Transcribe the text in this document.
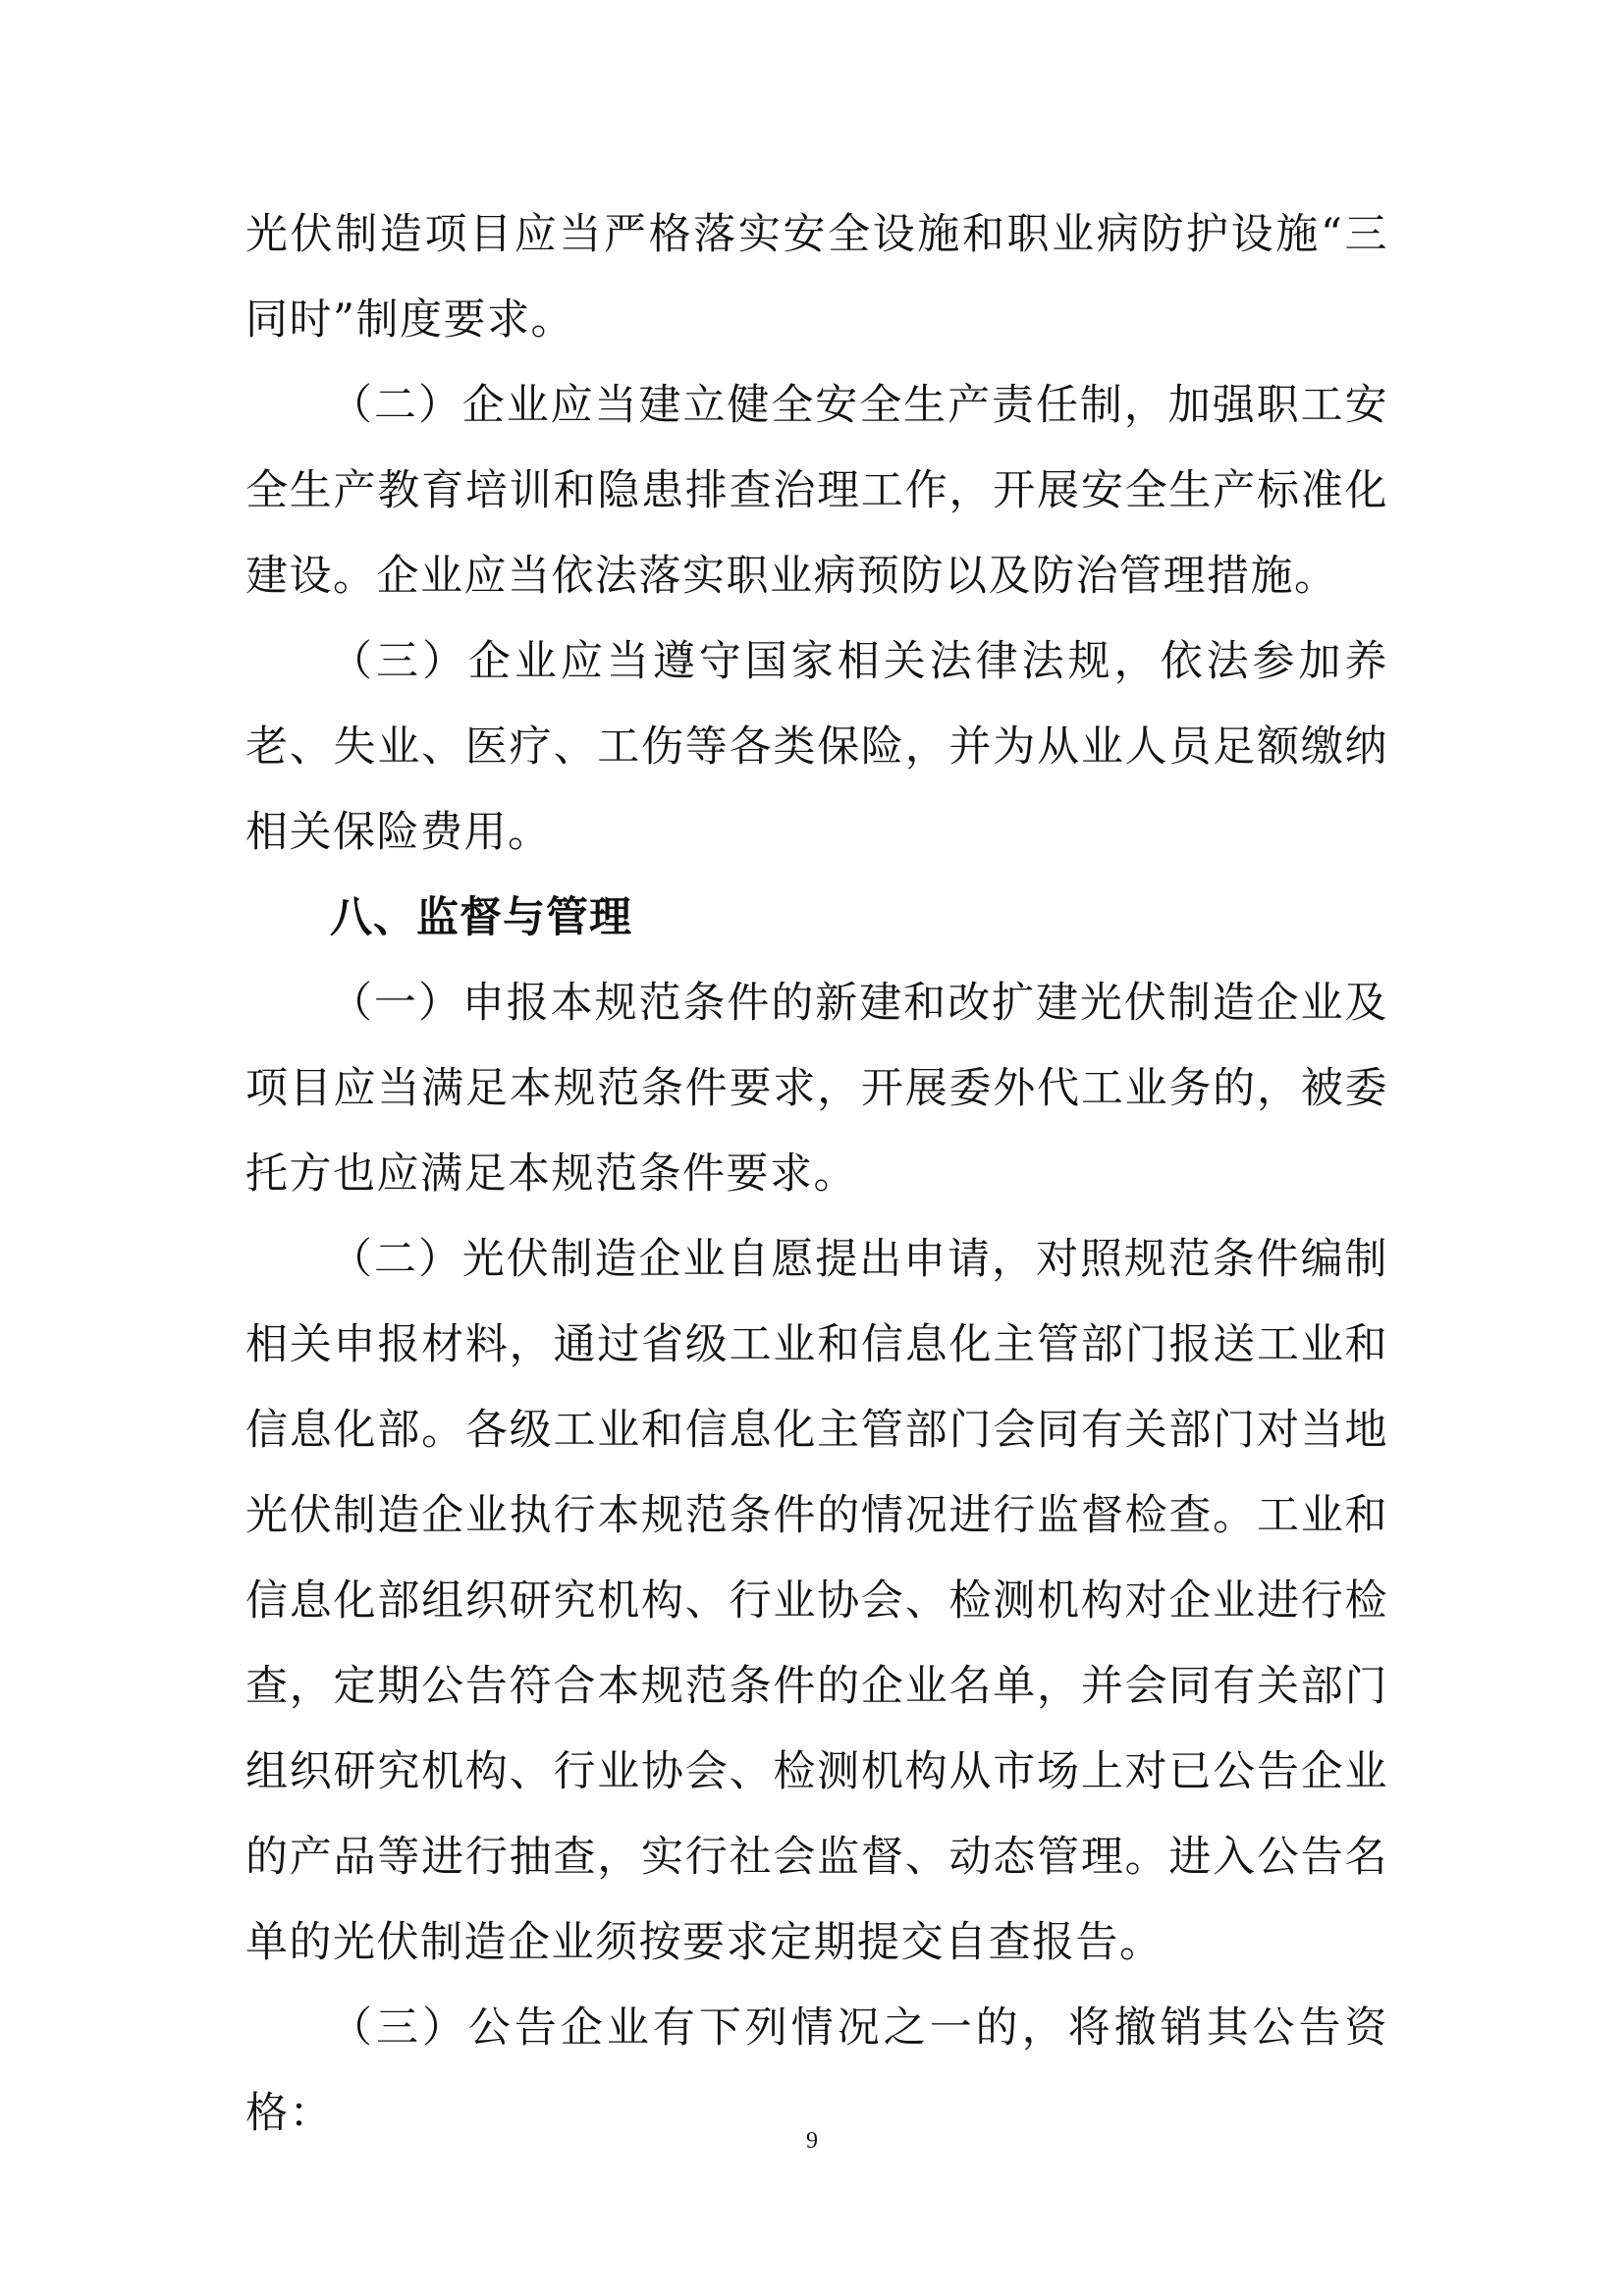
光伏制造项目应当严格落实安全设施和职业病防护设施“三同时”制度要求。

（二）企业应当建立健全安全生产责任制，加强职工安全生产教育培训和隐患排查治理工作，开展安全生产标准化建设。企业应当依法落实职业病预防以及防治管理措施。

（三）企业应当遵守国家相关法律法规，依法参加养老、失业、医疗、工伤等各类保险，并为从业人员足额缴纳相关保险费用。

八、监督与管理

（一）申报本规范条件的新建和改扩建光伏制造企业及项目应当满足本规范条件要求，开展委外代工业务的，被委托方也应满足本规范条件要求。

（二）光伏制造企业自愿提出申请，对照规范条件编制相关申报材料，通过省级工业和信息化主管部门报送工业和信息化部。各级工业和信息化主管部门会同有关部门对当地光伏制造企业执行本规范条件的情况进行监督检查。工业和信息化部组织研究机构、行业协会、检测机构对企业进行检查，定期公告符合本规范条件的企业名单，并会同有关部门组织研究机构、行业协会、检测机构从市场上对已公告企业的产品等进行抽查，实行社会监督、动态管理。进入公告名单的光伏制造企业须按要求定期提交自查报告。

（三）公告企业有下列情况之一的，将撤销其公告资格：

9
